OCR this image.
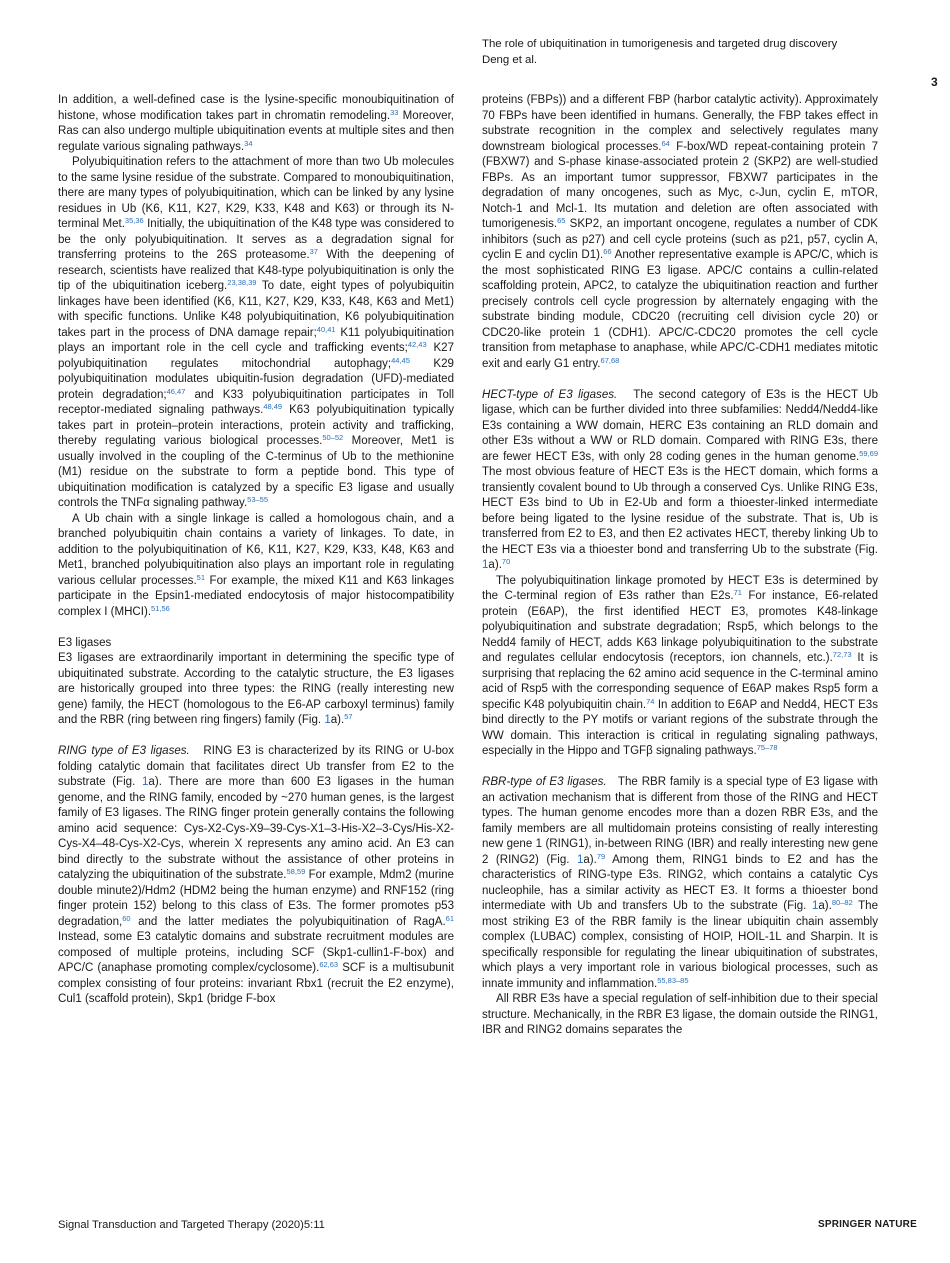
The role of ubiquitination in tumorigenesis and targeted drug discovery
Deng et al.
3

In addition, a well-defined case is the lysine-specific monoubiquitination of histone, whose modification takes part in chromatin remodeling.$^{33}$ Moreover, Ras can also undergo multiple ubiquitination events at multiple sites and then regulate various signaling pathways.$^{34}$

Polyubiquitination refers to the attachment of more than two Ub molecules to the same lysine residue of the substrate. Compared to monoubiquitination, there are many types of polyubiquitination, which can be linked by any lysine residues in Ub (K6, K11, K27, K29, K33, K48 and K63) or through its N-terminal Met.$^{35,36}$ Initially, the ubiquitination of the K48 type was considered to be the only polyubiquitination. It serves as a degradation signal for transferring proteins to the 26S proteasome.$^{37}$ With the deepening of research, scientists have realized that K48-type polyubiquitination is only the tip of the ubiquitination iceberg.$^{23,38,39}$ To date, eight types of polyubiquitin linkages have been identified (K6, K11, K27, K29, K33, K48, K63 and Met1) with specific functions. Unlike K48 polyubiquitination, K6 polyubiquitination takes part in the process of DNA damage repair;$^{40,41}$ K11 polyubiquitination plays an important role in the cell cycle and trafficking events;$^{42,43}$ K27 polyubiquitination regulates mitochondrial autophagy;$^{44,45}$ K29 polyubiquitination modulates ubiquitin-fusion degradation (UFD)-mediated protein degradation;$^{46,47}$ and K33 polyubiquitination participates in Toll receptor-mediated signaling pathways.$^{48,49}$ K63 polyubiquitination typically takes part in protein–protein interactions, protein activity and trafficking, thereby regulating various biological processes.$^{50-52}$ Moreover, Met1 is usually involved in the coupling of the C-terminus of Ub to the methionine (M1) residue on the substrate to form a peptide bond. This type of ubiquitination modification is catalyzed by a specific E3 ligase and usually controls the TNFα signaling pathway.$^{53-55}$

A Ub chain with a single linkage is called a homologous chain, and a branched polyubiquitin chain contains a variety of linkages. To date, in addition to the polyubiquitination of K6, K11, K27, K29, K33, K48, K63 and Met1, branched polyubiquitination also plays an important role in regulating various cellular processes.$^{51}$ For example, the mixed K11 and K63 linkages participate in the Epsin1-mediated endocytosis of major histocompatibility complex I (MHCI).$^{51,56}$

E3 ligases

E3 ligases are extraordinarily important in determining the specific type of ubiquitinated substrate. According to the catalytic structure, the E3 ligases are historically grouped into three types: the RING (really interesting new gene) family, the HECT (homologous to the E6-AP carboxyl terminus) family and the RBR (ring between ring fingers) family (Fig. 1a).$^{57}$

RING type of E3 ligases.   RING E3 is characterized by its RING or U-box folding catalytic domain that facilitates direct Ub transfer from E2 to the substrate (Fig. 1a). There are more than 600 E3 ligases in the human genome, and the RING family, encoded by ~270 human genes, is the largest family of E3 ligases. The RING finger protein generally contains the following amino acid sequence: Cys-X2-Cys-X9–39-Cys-X1–3-His-X2–3-Cys/His-X2-Cys-X4–48-Cys-X2-Cys, wherein X represents any amino acid. An E3 can bind directly to the substrate without the assistance of other proteins in catalyzing the ubiquitination of the substrate.$^{58,59}$ For example, Mdm2 (murine double minute2)/Hdm2 (HDM2 being the human enzyme) and RNF152 (ring finger protein 152) belong to this class of E3s. The former promotes p53 degradation,$^{60}$ and the latter mediates the polyubiquitination of RagA.$^{61}$ Instead, some E3 catalytic domains and substrate recruitment modules are composed of multiple proteins, including SCF (Skp1-cullin1-F-box) and APC/C (anaphase promoting complex/cyclosome).$^{62,63}$ SCF is a multisubunit complex consisting of four proteins: invariant Rbx1 (recruit the E2 enzyme), Cul1 (scaffold protein), Skp1 (bridge F-box

proteins (FBPs)) and a different FBP (harbor catalytic activity). Approximately 70 FBPs have been identified in humans. Generally, the FBP takes effect in substrate recognition in the complex and selectively regulates many downstream biological processes.$^{64}$ F-box/WD repeat-containing protein 7 (FBXW7) and S-phase kinase-associated protein 2 (SKP2) are well-studied FBPs. As an important tumor suppressor, FBXW7 participates in the degradation of many oncogenes, such as Myc, c-Jun, cyclin E, mTOR, Notch-1 and Mcl-1. Its mutation and deletion are often associated with tumorigenesis.$^{65}$ SKP2, an important oncogene, regulates a number of CDK inhibitors (such as p27) and cell cycle proteins (such as p21, p57, cyclin A, cyclin E and cyclin D1).$^{66}$ Another representative example is APC/C, which is the most sophisticated RING E3 ligase. APC/C contains a cullin-related scaffolding protein, APC2, to catalyze the ubiquitination reaction and further precisely controls cell cycle progression by alternately engaging with the substrate binding module, CDC20 (recruiting cell division cycle 20) or CDC20-like protein 1 (CDH1). APC/C-CDC20 promotes the cell cycle transition from metaphase to anaphase, while APC/C-CDH1 mediates mitotic exit and early G1 entry.$^{67,68}$

HECT-type of E3 ligases.   The second category of E3s is the HECT Ub ligase, which can be further divided into three subfamilies: Nedd4/Nedd4-like E3s containing a WW domain, HERC E3s containing an RLD domain and other E3s without a WW or RLD domain. Compared with RING E3s, there are fewer HECT E3s, with only 28 coding genes in the human genome.$^{59,69}$ The most obvious feature of HECT E3s is the HECT domain, which forms a transiently covalent bound to Ub through a conserved Cys. Unlike RING E3s, HECT E3s bind to Ub in E2-Ub and form a thioester-linked intermediate before being ligated to the lysine residue of the substrate. That is, Ub is transferred from E2 to E3, and then E2 activates HECT, thereby linking Ub to the HECT E3s via a thioester bond and transferring Ub to the substrate (Fig. 1a).$^{70}$

The polyubiquitination linkage promoted by HECT E3s is determined by the C-terminal region of E3s rather than E2s.$^{71}$ For instance, E6-related protein (E6AP), the first identified HECT E3, promotes K48-linkage polyubiquitination and substrate degradation; Rsp5, which belongs to the Nedd4 family of HECT, adds K63 linkage polyubiquitination to the substrate and regulates cellular endocytosis (receptors, ion channels, etc.).$^{72,73}$ It is surprising that replacing the 62 amino acid sequence in the C-terminal amino acid of Rsp5 with the corresponding sequence of E6AP makes Rsp5 form a specific K48 polyubiquitin chain.$^{74}$ In addition to E6AP and Nedd4, HECT E3s bind directly to the PY motifs or variant regions of the substrate through the WW domain. This interaction is critical in regulating signaling pathways, especially in the Hippo and TGFβ signaling pathways.$^{75-78}$

RBR-type of E3 ligases.   The RBR family is a special type of E3 ligase with an activation mechanism that is different from those of the RING and HECT types. The human genome encodes more than a dozen RBR E3s, and the family members are all multidomain proteins consisting of really interesting new gene 1 (RING1), in-between RING (IBR) and really interesting new gene 2 (RING2) (Fig. 1a).$^{79}$ Among them, RING1 binds to E2 and has the characteristics of RING-type E3s. RING2, which contains a catalytic Cys nucleophile, has a similar activity as HECT E3. It forms a thioester bond intermediate with Ub and transfers Ub to the substrate (Fig. 1a).$^{80-82}$ The most striking E3 of the RBR family is the linear ubiquitin chain assembly complex (LUBAC) complex, consisting of HOIP, HOIL-1L and Sharpin. It is specifically responsible for regulating the linear ubiquitination of substrates, which plays a very important role in various biological processes, such as innate immunity and inflammation.$^{55,83-85}$

All RBR E3s have a special regulation of self-inhibition due to their special structure. Mechanically, in the RBR E3 ligase, the domain outside the RING1, IBR and RING2 domains separates the

Signal Transduction and Targeted Therapy (2020)5:11	SPRINGER NATURE
